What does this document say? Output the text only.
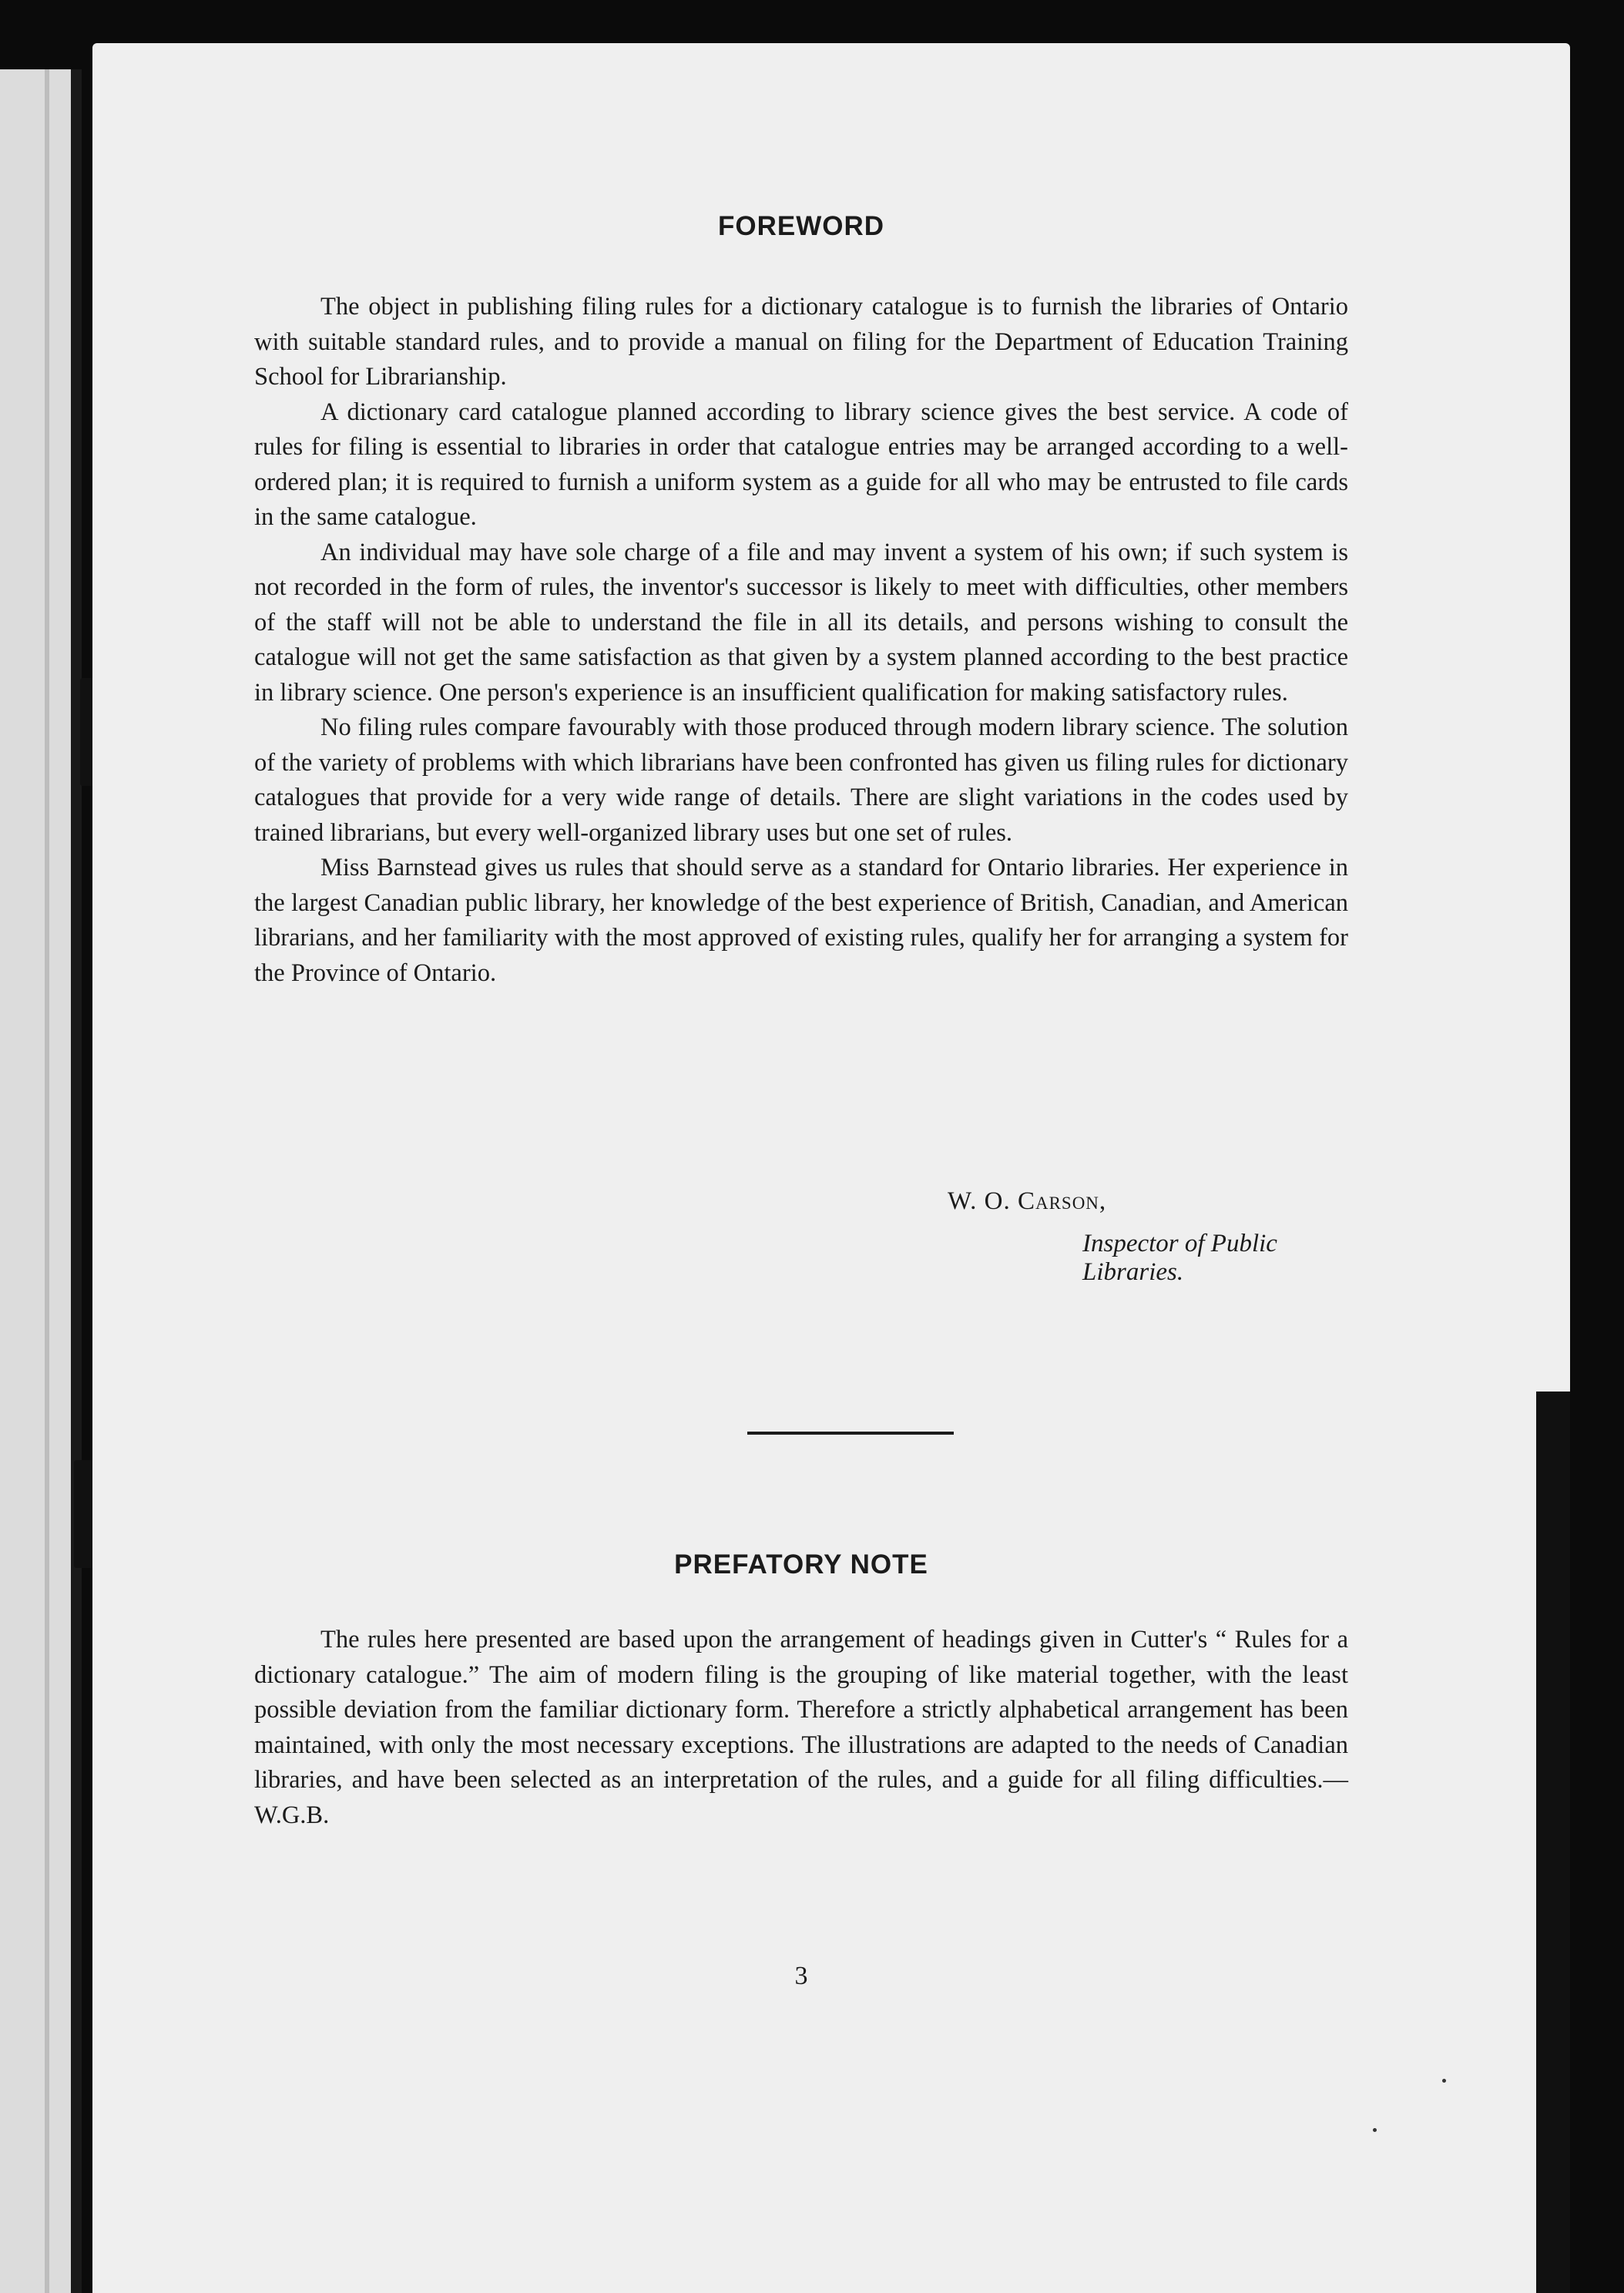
FOREWORD

The object in publishing filing rules for a dictionary catalogue is to furnish the libraries of Ontario with suitable standard rules, and to provide a manual on filing for the Department of Education Training School for Librarianship.

A dictionary card catalogue planned according to library science gives the best service. A code of rules for filing is essential to libraries in order that catalogue entries may be arranged according to a well-ordered plan; it is required to furnish a uniform system as a guide for all who may be entrusted to file cards in the same catalogue.

An individual may have sole charge of a file and may invent a system of his own; if such system is not recorded in the form of rules, the inventor's successor is likely to meet with difficulties, other members of the staff will not be able to understand the file in all its details, and persons wishing to consult the catalogue will not get the same satisfaction as that given by a system planned according to the best practice in library science. One person's experience is an insufficient qualification for making satisfactory rules.

No filing rules compare favourably with those produced through modern library science. The solution of the variety of problems with which librarians have been confronted has given us filing rules for dictionary catalogues that provide for a very wide range of details. There are slight variations in the codes used by trained librarians, but every well-organized library uses but one set of rules.

Miss Barnstead gives us rules that should serve as a standard for Ontario libraries. Her experience in the largest Canadian public library, her knowledge of the best experience of British, Canadian, and American librarians, and her familiarity with the most approved of existing rules, qualify her for arranging a system for the Province of Ontario.

W. O. Carson,
Inspector of Public Libraries.
PREFATORY NOTE

The rules here presented are based upon the arrangement of headings given in Cutter's “ Rules for a dictionary catalogue.” The aim of modern filing is the grouping of like material together, with the least possible deviation from the familiar dictionary form. Therefore a strictly alphabetical arrangement has been maintained, with only the most necessary exceptions. The illustrations are adapted to the needs of Canadian libraries, and have been selected as an interpretation of the rules, and a guide for all filing difficulties.—W.G.B.

3
